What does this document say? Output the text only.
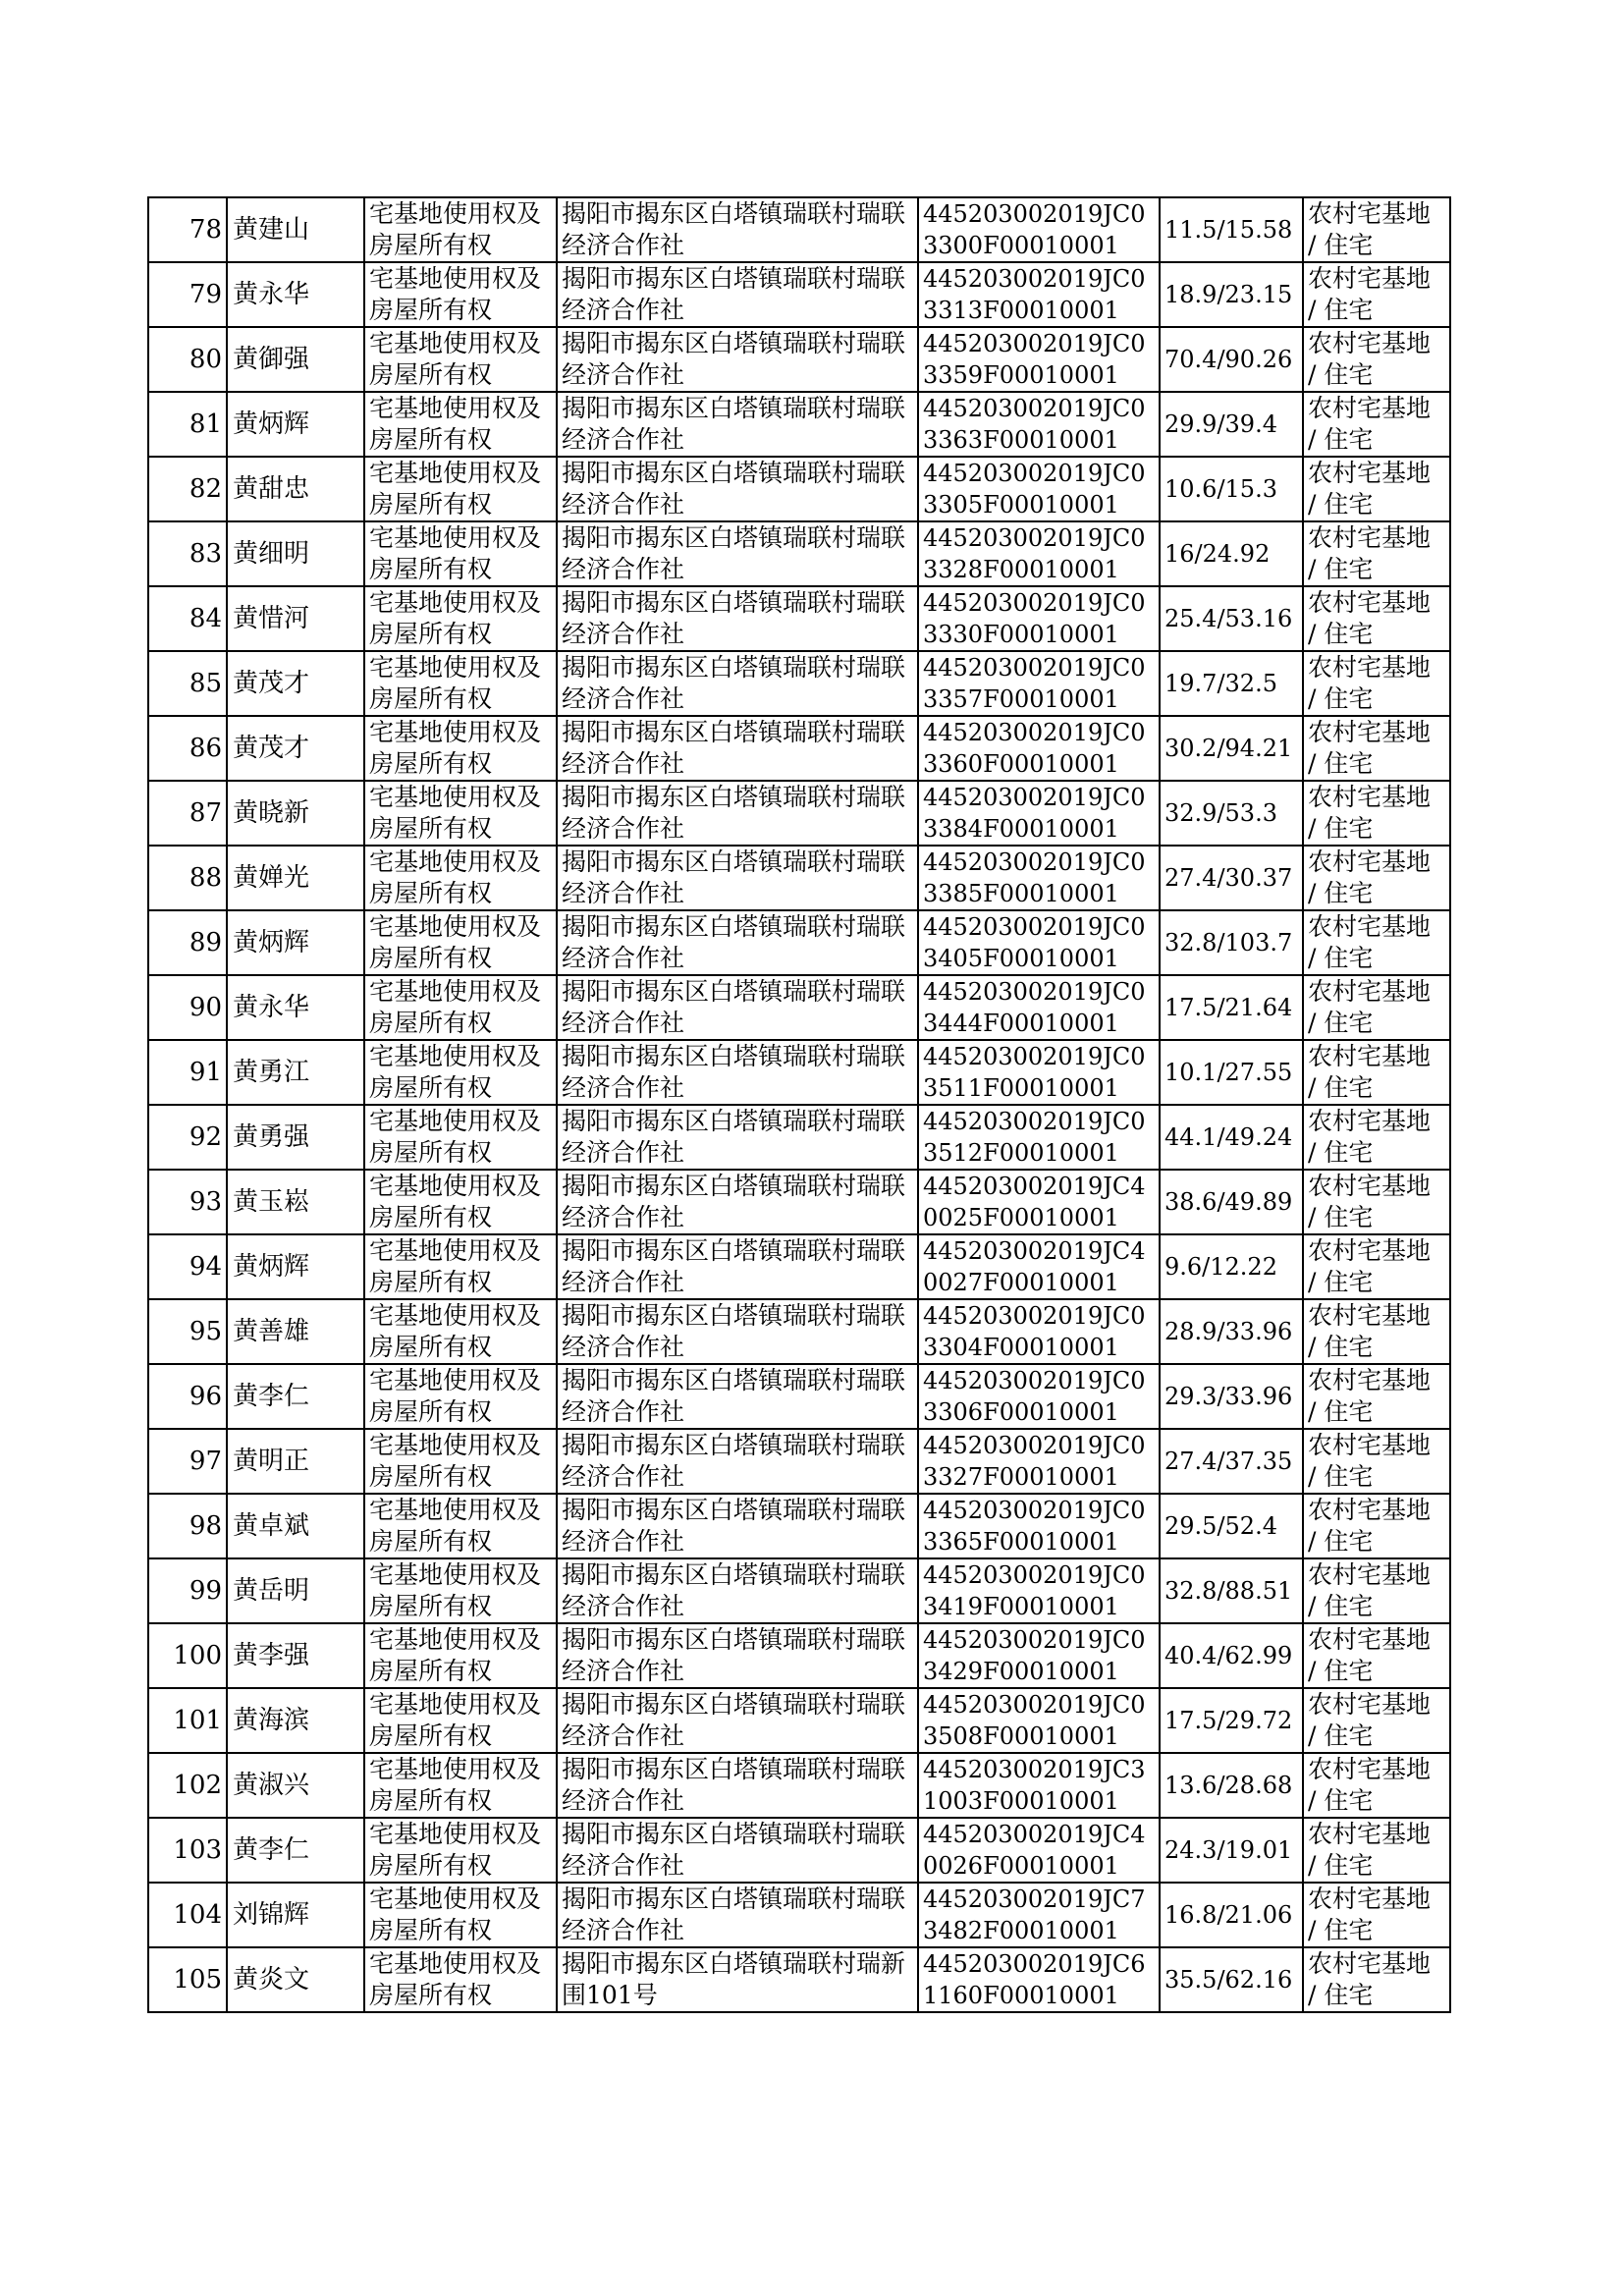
78	黄建山	宅基地使用权及房屋所有权	揭阳市揭东区白塔镇瑞联村瑞联经济合作社	445203002019JC03300F00010001	11.5/15.58	农村宅基地 / 住宅
79	黄永华	宅基地使用权及房屋所有权	揭阳市揭东区白塔镇瑞联村瑞联经济合作社	445203002019JC03313F00010001	18.9/23.15	农村宅基地 / 住宅
80	黄御强	宅基地使用权及房屋所有权	揭阳市揭东区白塔镇瑞联村瑞联经济合作社	445203002019JC03359F00010001	70.4/90.26	农村宅基地 / 住宅
81	黄炳辉	宅基地使用权及房屋所有权	揭阳市揭东区白塔镇瑞联村瑞联经济合作社	445203002019JC03363F00010001	29.9/39.4	农村宅基地 / 住宅
82	黄甜忠	宅基地使用权及房屋所有权	揭阳市揭东区白塔镇瑞联村瑞联经济合作社	445203002019JC03305F00010001	10.6/15.3	农村宅基地 / 住宅
83	黄细明	宅基地使用权及房屋所有权	揭阳市揭东区白塔镇瑞联村瑞联经济合作社	445203002019JC03328F00010001	16/24.92	农村宅基地 / 住宅
84	黄惜河	宅基地使用权及房屋所有权	揭阳市揭东区白塔镇瑞联村瑞联经济合作社	445203002019JC03330F00010001	25.4/53.16	农村宅基地 / 住宅
85	黄茂才	宅基地使用权及房屋所有权	揭阳市揭东区白塔镇瑞联村瑞联经济合作社	445203002019JC03357F00010001	19.7/32.5	农村宅基地 / 住宅
86	黄茂才	宅基地使用权及房屋所有权	揭阳市揭东区白塔镇瑞联村瑞联经济合作社	445203002019JC03360F00010001	30.2/94.21	农村宅基地 / 住宅
87	黄晓新	宅基地使用权及房屋所有权	揭阳市揭东区白塔镇瑞联村瑞联经济合作社	445203002019JC03384F00010001	32.9/53.3	农村宅基地 / 住宅
88	黄婵光	宅基地使用权及房屋所有权	揭阳市揭东区白塔镇瑞联村瑞联经济合作社	445203002019JC03385F00010001	27.4/30.37	农村宅基地 / 住宅
89	黄炳辉	宅基地使用权及房屋所有权	揭阳市揭东区白塔镇瑞联村瑞联经济合作社	445203002019JC03405F00010001	32.8/103.7	农村宅基地 / 住宅
90	黄永华	宅基地使用权及房屋所有权	揭阳市揭东区白塔镇瑞联村瑞联经济合作社	445203002019JC03444F00010001	17.5/21.64	农村宅基地 / 住宅
91	黄勇江	宅基地使用权及房屋所有权	揭阳市揭东区白塔镇瑞联村瑞联经济合作社	445203002019JC03511F00010001	10.1/27.55	农村宅基地 / 住宅
92	黄勇强	宅基地使用权及房屋所有权	揭阳市揭东区白塔镇瑞联村瑞联经济合作社	445203002019JC03512F00010001	44.1/49.24	农村宅基地 / 住宅
93	黄玉崧	宅基地使用权及房屋所有权	揭阳市揭东区白塔镇瑞联村瑞联经济合作社	445203002019JC40025F00010001	38.6/49.89	农村宅基地 / 住宅
94	黄炳辉	宅基地使用权及房屋所有权	揭阳市揭东区白塔镇瑞联村瑞联经济合作社	445203002019JC40027F00010001	9.6/12.22	农村宅基地 / 住宅
95	黄善雄	宅基地使用权及房屋所有权	揭阳市揭东区白塔镇瑞联村瑞联经济合作社	445203002019JC03304F00010001	28.9/33.96	农村宅基地 / 住宅
96	黄李仁	宅基地使用权及房屋所有权	揭阳市揭东区白塔镇瑞联村瑞联经济合作社	445203002019JC03306F00010001	29.3/33.96	农村宅基地 / 住宅
97	黄明正	宅基地使用权及房屋所有权	揭阳市揭东区白塔镇瑞联村瑞联经济合作社	445203002019JC03327F00010001	27.4/37.35	农村宅基地 / 住宅
98	黄卓斌	宅基地使用权及房屋所有权	揭阳市揭东区白塔镇瑞联村瑞联经济合作社	445203002019JC03365F00010001	29.5/52.4	农村宅基地 / 住宅
99	黄岳明	宅基地使用权及房屋所有权	揭阳市揭东区白塔镇瑞联村瑞联经济合作社	445203002019JC03419F00010001	32.8/88.51	农村宅基地 / 住宅
100	黄李强	宅基地使用权及房屋所有权	揭阳市揭东区白塔镇瑞联村瑞联经济合作社	445203002019JC03429F00010001	40.4/62.99	农村宅基地 / 住宅
101	黄海滨	宅基地使用权及房屋所有权	揭阳市揭东区白塔镇瑞联村瑞联经济合作社	445203002019JC03508F00010001	17.5/29.72	农村宅基地 / 住宅
102	黄淑兴	宅基地使用权及房屋所有权	揭阳市揭东区白塔镇瑞联村瑞联经济合作社	445203002019JC31003F00010001	13.6/28.68	农村宅基地 / 住宅
103	黄李仁	宅基地使用权及房屋所有权	揭阳市揭东区白塔镇瑞联村瑞联经济合作社	445203002019JC40026F00010001	24.3/19.01	农村宅基地 / 住宅
104	刘锦辉	宅基地使用权及房屋所有权	揭阳市揭东区白塔镇瑞联村瑞联经济合作社	445203002019JC73482F00010001	16.8/21.06	农村宅基地 / 住宅
105	黄炎文	宅基地使用权及房屋所有权	揭阳市揭东区白塔镇瑞联村瑞新围101号	445203002019JC61160F00010001	35.5/62.16	农村宅基地 / 住宅
